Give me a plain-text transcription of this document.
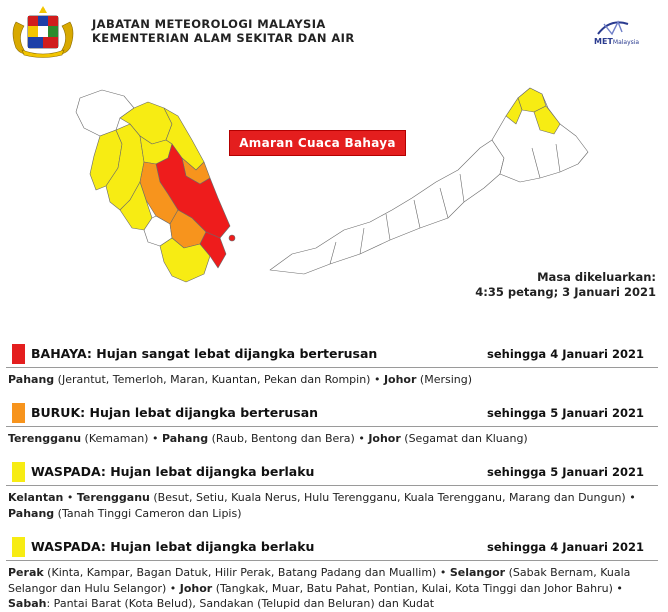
JABATAN METEOROLOGI MALAYSIA
KEMENTERIAN ALAM SEKITAR DAN AIR	METMalaysia
Amaran Cuaca Bahaya
Masa dikeluarkan:
4:35 petang; 3 Januari 2021
BAHAYA: Hujan sangat lebat dijangka berterusan	sehingga 4 Januari 2021
Pahang (Jerantut, Temerloh, Maran, Kuantan, Pekan dan Rompin) • Johor (Mersing)
BURUK: Hujan lebat dijangka berterusan	sehingga 5 Januari 2021
Terengganu (Kemaman) • Pahang (Raub, Bentong dan Bera) • Johor (Segamat dan Kluang)
WASPADA: Hujan lebat dijangka berlaku	sehingga 5 Januari 2021
Kelantan • Terengganu (Besut, Setiu, Kuala Nerus, Hulu Terengganu, Kuala Terengganu, Marang dan Dungun) • Pahang (Tanah Tinggi Cameron dan Lipis)
WASPADA: Hujan lebat dijangka berlaku	sehingga 4 Januari 2021
Perak (Kinta, Kampar, Bagan Datuk, Hilir Perak, Batang Padang dan Muallim) • Selangor (Sabak Bernam, Kuala Selangor dan Hulu Selangor) • Johor (Tangkak, Muar, Batu Pahat, Pontian, Kulai, Kota Tinggi dan Johor Bahru) • Sabah: Pantai Barat (Kota Belud), Sandakan (Telupid dan Beluran) dan Kudat
